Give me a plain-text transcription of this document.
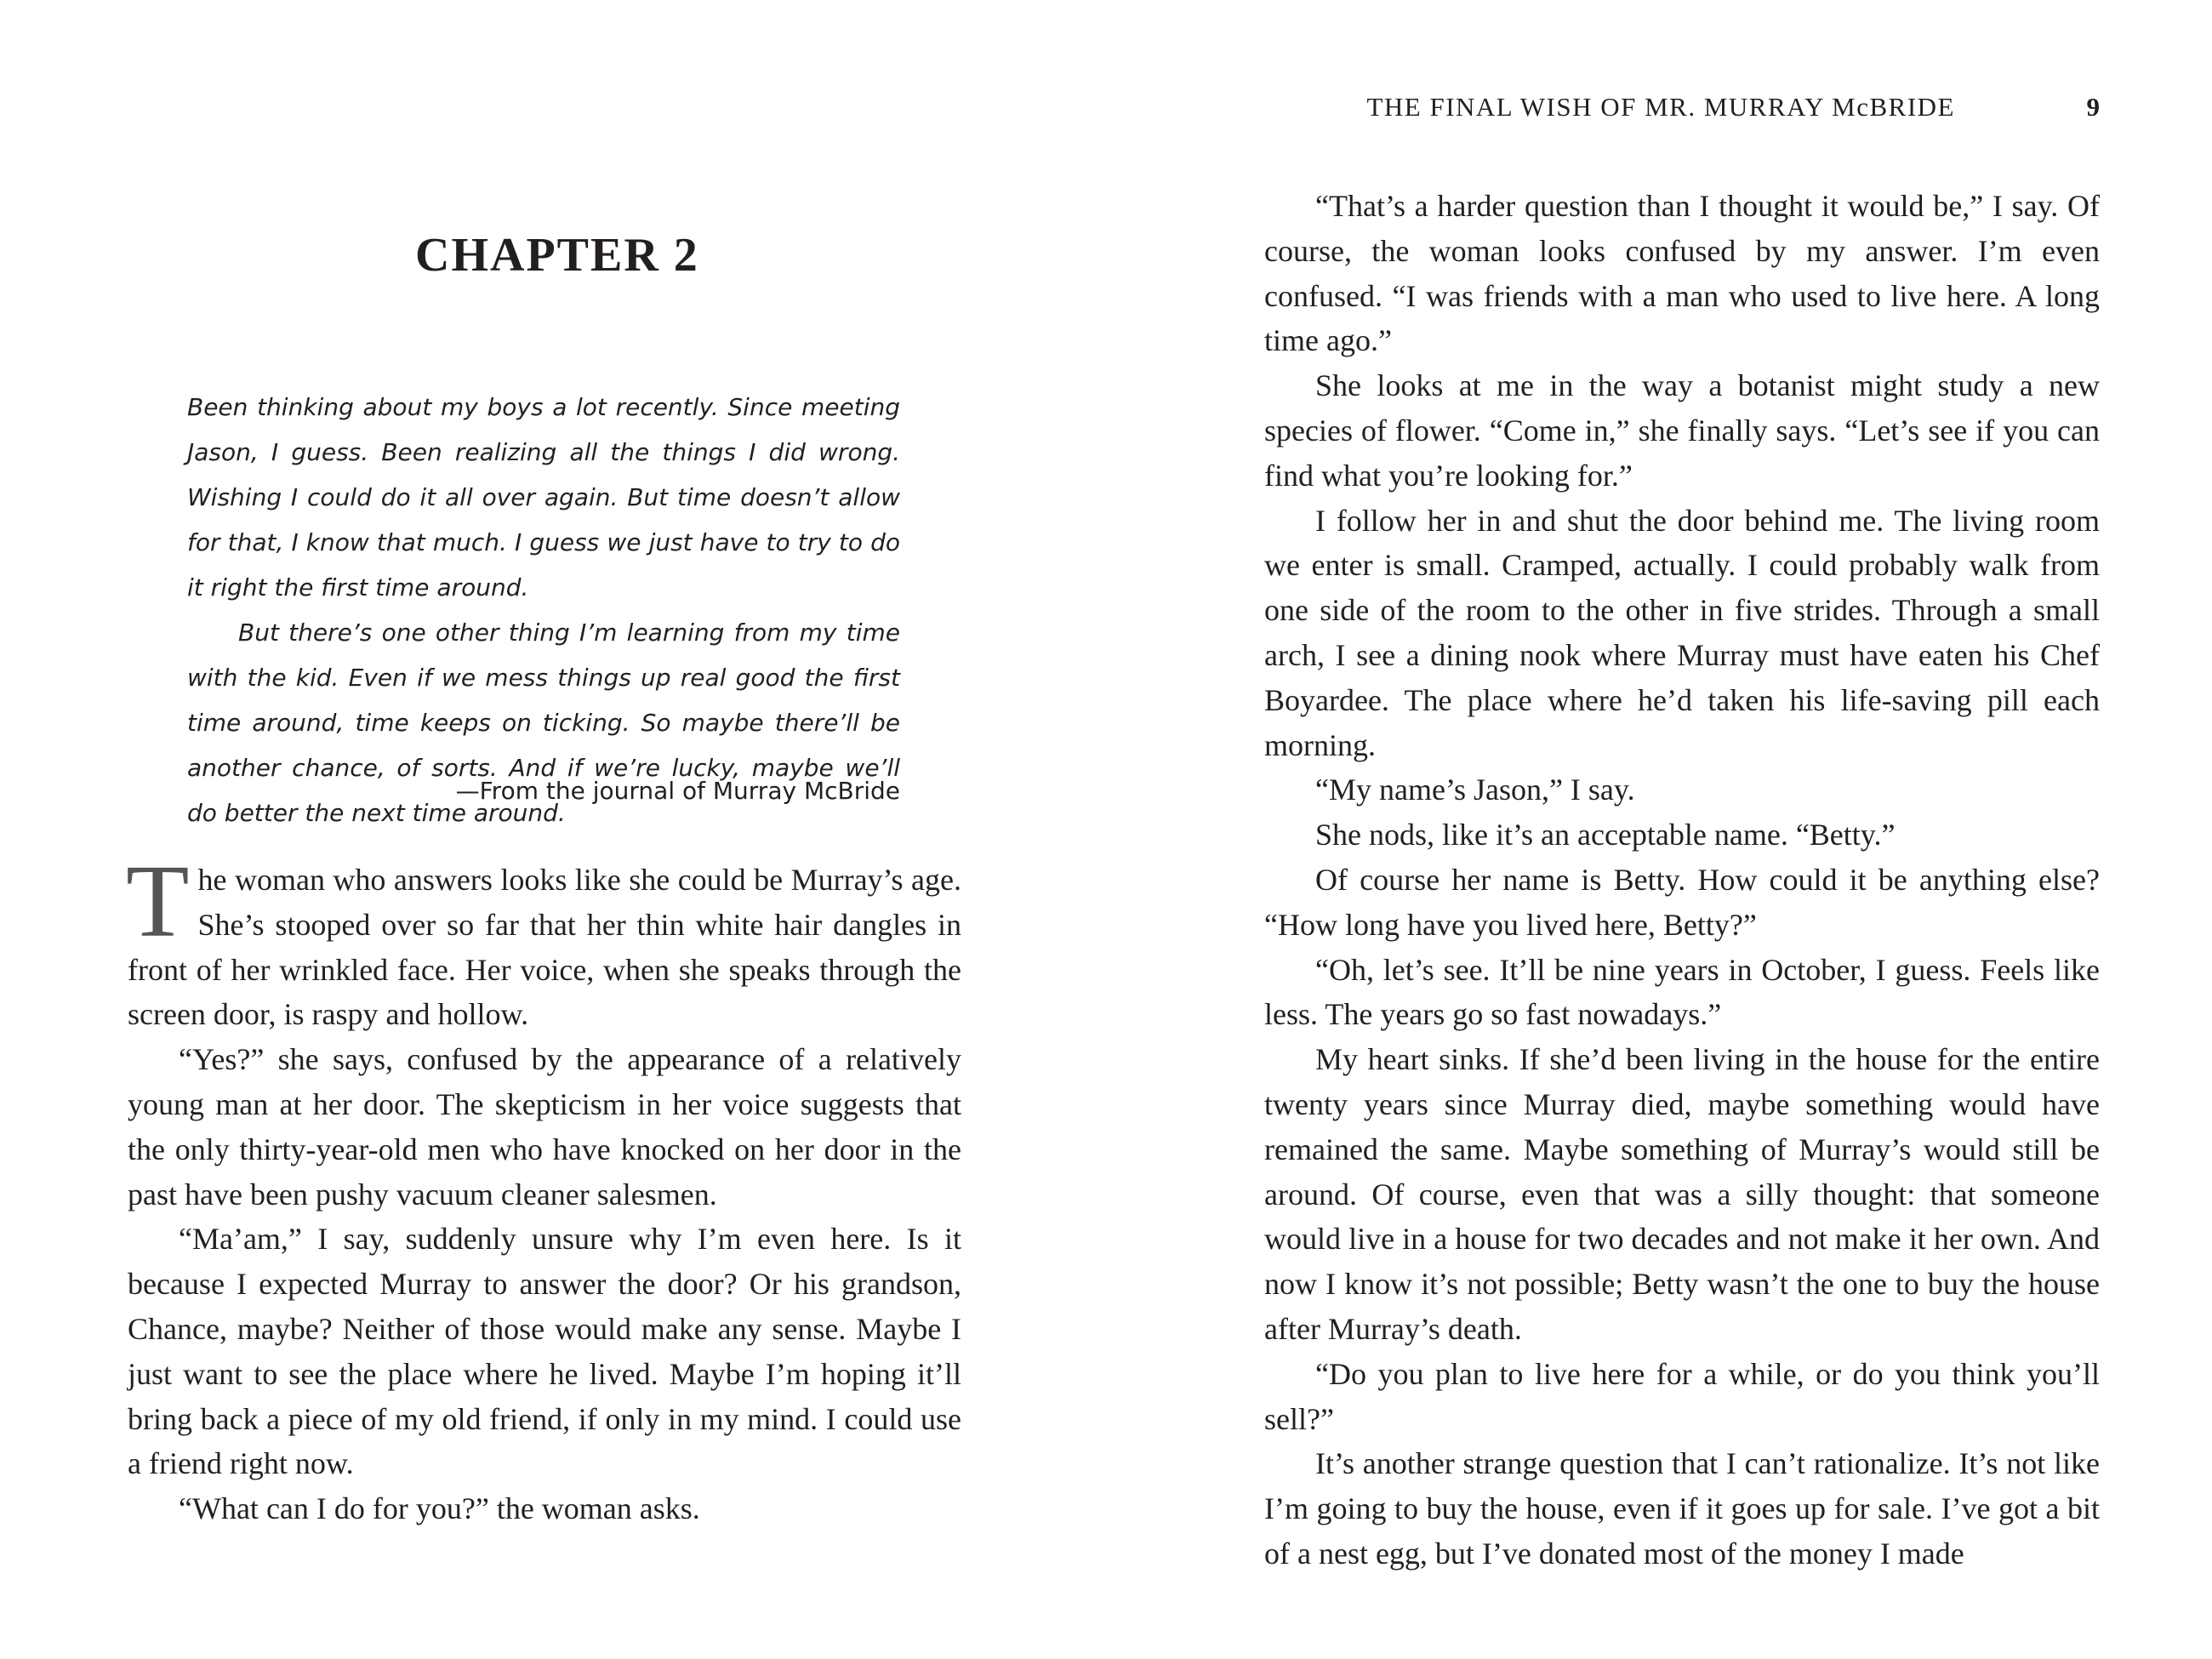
CHAPTER 2

Been thinking about my boys a lot recently. Since meeting Jason, I guess. Been realizing all the things I did wrong. Wishing I could do it all over again. But time doesn’t allow for that, I know that much. I guess we just have to try to do it right the first time around.

But there’s one other thing I’m learning from my time with the kid. Even if we mess things up real good the first time around, time keeps on ticking. So maybe there’ll be another chance, of sorts. And if we’re lucky, maybe we’ll do better the next time around.

—From the journal of Murray McBride

The woman who answers looks like she could be Murray’s age. She’s stooped over so far that her thin white hair dangles in front of her wrinkled face. Her voice, when she speaks through the screen door, is raspy and hollow.

“Yes?” she says, confused by the appearance of a relatively young man at her door. The skepticism in her voice suggests that the only thirty-year-old men who have knocked on her door in the past have been pushy vacuum cleaner salesmen.

“Ma’am,” I say, suddenly unsure why I’m even here. Is it because I expected Murray to answer the door? Or his grandson, Chance, maybe? Neither of those would make any sense. Maybe I just want to see the place where he lived. Maybe I’m hoping it’ll bring back a piece of my old friend, if only in my mind. I could use a friend right now.

“What can I do for you?” the woman asks.

THE FINAL WISH OF MR. MURRAY McBRIDE	9

“That’s a harder question than I thought it would be,” I say. Of course, the woman looks confused by my answer. I’m even confused. “I was friends with a man who used to live here. A long time ago.”

She looks at me in the way a botanist might study a new species of flower. “Come in,” she finally says. “Let’s see if you can find what you’re looking for.”

I follow her in and shut the door behind me. The living room we enter is small. Cramped, actually. I could probably walk from one side of the room to the other in five strides. Through a small arch, I see a dining nook where Murray must have eaten his Chef Boyardee. The place where he’d taken his life-saving pill each morning.

“My name’s Jason,” I say.

She nods, like it’s an acceptable name. “Betty.”

Of course her name is Betty. How could it be anything else? “How long have you lived here, Betty?”

“Oh, let’s see. It’ll be nine years in October, I guess. Feels like less. The years go so fast nowadays.”

My heart sinks. If she’d been living in the house for the entire twenty years since Murray died, maybe something would have remained the same. Maybe something of Murray’s would still be around. Of course, even that was a silly thought: that someone would live in a house for two decades and not make it her own. And now I know it’s not possible; Betty wasn’t the one to buy the house after Murray’s death.

“Do you plan to live here for a while, or do you think you’ll sell?”

It’s another strange question that I can’t rationalize. It’s not like I’m going to buy the house, even if it goes up for sale. I’ve got a bit of a nest egg, but I’ve donated most of the money I made
